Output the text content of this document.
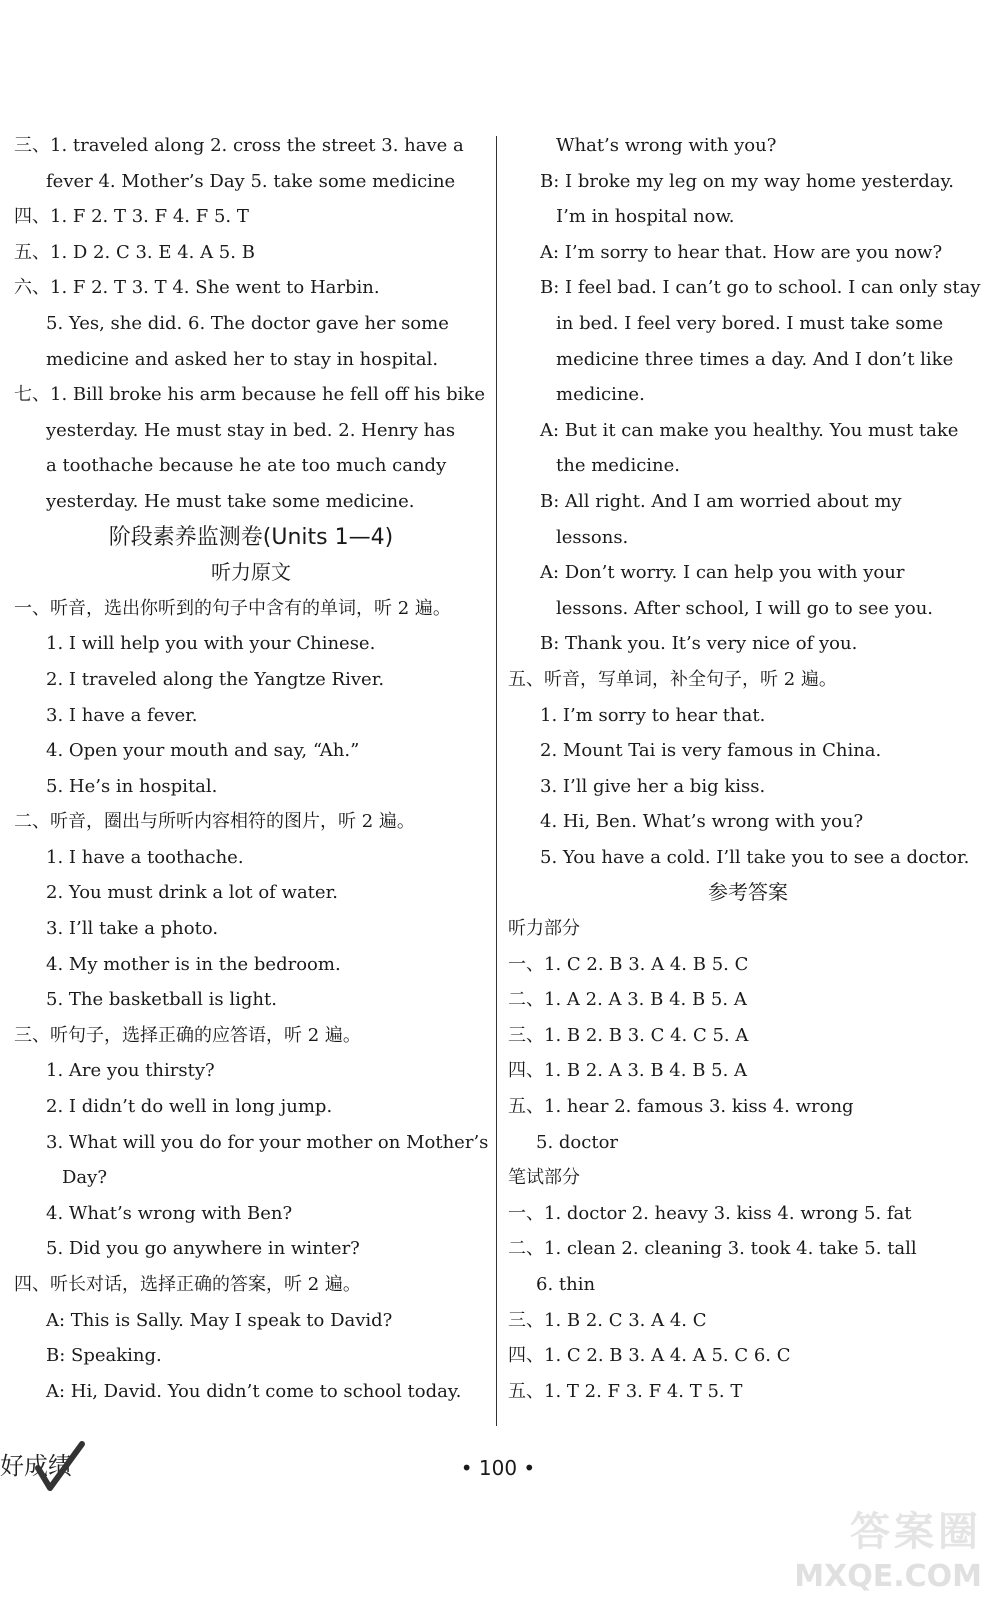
三、1. traveled along 2. cross the street 3. have a
fever 4. Mother’s Day 5. take some medicine
四、1. F 2. T 3. F 4. F 5. T
五、1. D 2. C 3. E 4. A 5. B
六、1. F 2. T 3. T 4. She went to Harbin.
5. Yes, she did. 6. The doctor gave her some
medicine and asked her to stay in hospital.
七、1. Bill broke his arm because he fell off his bike
yesterday. He must stay in bed. 2. Henry has
a toothache because he ate too much candy
yesterday. He must take some medicine.
阶段素养监测卷(Units 1—4)
听力原文
一、听音，选出你听到的句子中含有的单词，听 2 遍。
1. I will help you with your Chinese.
2. I traveled along the Yangtze River.
3. I have a fever.
4. Open your mouth and say, “Ah.”
5. He’s in hospital.
二、听音，圈出与所听内容相符的图片，听 2 遍。
1. I have a toothache.
2. You must drink a lot of water.
3. I’ll take a photo.
4. My mother is in the bedroom.
5. The basketball is light.
三、听句子，选择正确的应答语，听 2 遍。
1. Are you thirsty?
2. I didn’t do well in long jump.
3. What will you do for your mother on Mother’s
Day?
4. What’s wrong with Ben?
5. Did you go anywhere in winter?
四、听长对话，选择正确的答案，听 2 遍。
A: This is Sally. May I speak to David?
B: Speaking.
A: Hi, David. You didn’t come to school today.
What’s wrong with you?
B: I broke my leg on my way home yesterday.
I’m in hospital now.
A: I’m sorry to hear that. How are you now?
B: I feel bad. I can’t go to school. I can only stay
in bed. I feel very bored. I must take some
medicine three times a day. And I don’t like
medicine.
A: But it can make you healthy. You must take
the medicine.
B: All right. And I am worried about my
lessons.
A: Don’t worry. I can help you with your
lessons. After school, I will go to see you.
B: Thank you. It’s very nice of you.
五、听音，写单词，补全句子，听 2 遍。
1. I’m sorry to hear that.
2. Mount Tai is very famous in China.
3. I’ll give her a big kiss.
4. Hi, Ben. What’s wrong with you?
5. You have a cold. I’ll take you to see a doctor.
参考答案
听力部分
一、1. C 2. B 3. A 4. B 5. C
二、1. A 2. A 3. B 4. B 5. A
三、1. B 2. B 3. C 4. C 5. A
四、1. B 2. A 3. B 4. B 5. A
五、1. hear 2. famous 3. kiss 4. wrong
5. doctor
笔试部分
一、1. doctor 2. heavy 3. kiss 4. wrong 5. fat
二、1. clean 2. cleaning 3. took 4. take 5. tall
6. thin
三、1. B 2. C 3. A 4. C
四、1. C 2. B 3. A 4. A 5. C 6. C
五、1. T 2. F 3. F 4. T 5. T
• 100 •
好成绩
答案圈
MXQE.COM
